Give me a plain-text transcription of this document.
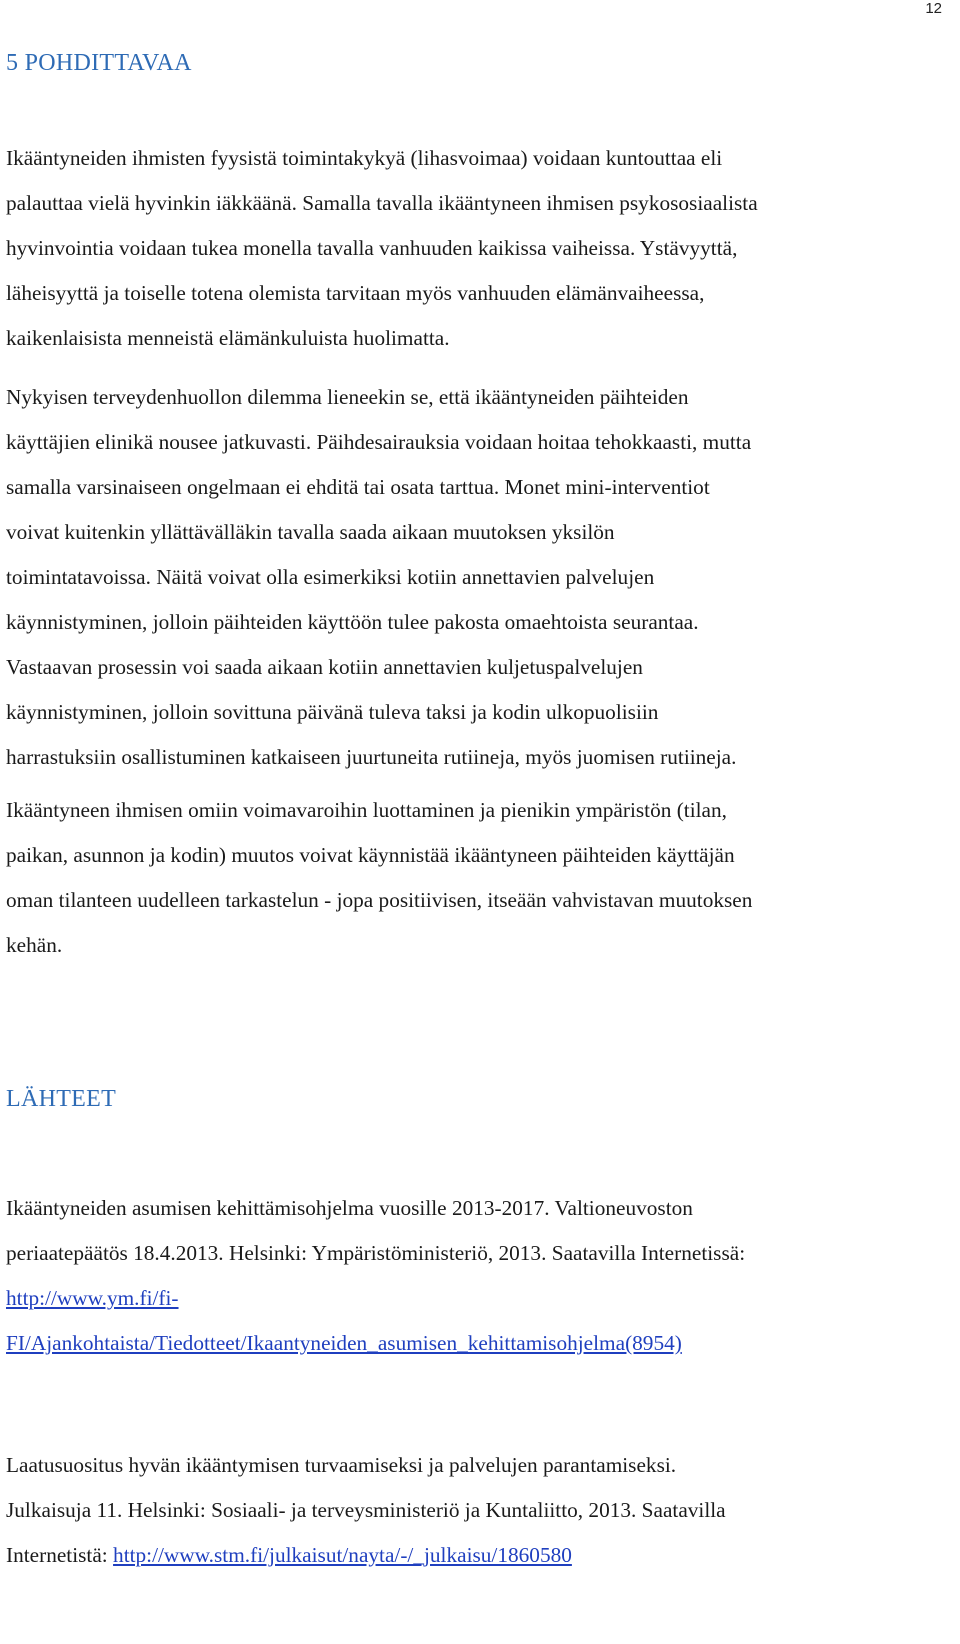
12
5 POHDITTAVAA

Ikääntyneiden ihmisten fyysistä toimintakykyä (lihasvoimaa) voidaan kuntouttaa eli
palauttaa vielä hyvinkin iäkkäänä. Samalla tavalla ikääntyneen ihmisen psykososiaalista
hyvinvointia voidaan tukea monella tavalla vanhuuden kaikissa vaiheissa. Ystävyyttä,
läheisyyttä ja toiselle totena olemista tarvitaan myös vanhuuden elämänvaiheessa,
kaikenlaisista menneistä elämänkuluista huolimatta.

Nykyisen terveydenhuollon dilemma lieneekin se, että ikääntyneiden päihteiden
käyttäjien elinikä nousee jatkuvasti. Päihdesairauksia voidaan hoitaa tehokkaasti, mutta
samalla varsinaiseen ongelmaan ei ehditä tai osata tarttua. Monet mini-interventiot
voivat kuitenkin yllättävälläkin tavalla saada aikaan muutoksen yksilön
toimintatavoissa. Näitä voivat olla esimerkiksi kotiin annettavien palvelujen
käynnistyminen, jolloin päihteiden käyttöön tulee pakosta omaehtoista seurantaa.
Vastaavan prosessin voi saada aikaan kotiin annettavien kuljetuspalvelujen
käynnistyminen, jolloin sovittuna päivänä tuleva taksi ja kodin ulkopuolisiin
harrastuksiin osallistuminen katkaiseen juurtuneita rutiineja, myös juomisen rutiineja.

Ikääntyneen ihmisen omiin voimavaroihin luottaminen ja pienikin ympäristön (tilan,
paikan, asunnon ja kodin) muutos voivat käynnistää ikääntyneen päihteiden käyttäjän
oman tilanteen uudelleen tarkastelun - jopa positiivisen, itseään vahvistavan muutoksen
kehän.

LÄHTEET

Ikääntyneiden asumisen kehittämisohjelma vuosille 2013-2017. Valtioneuvoston
periaatepäätös 18.4.2013. Helsinki: Ympäristöministeriö, 2013. Saatavilla Internetissä:
http://www.ym.fi/fi-
FI/Ajankohtaista/Tiedotteet/Ikaantyneiden_asumisen_kehittamisohjelma(8954)

Laatusuositus hyvän ikääntymisen turvaamiseksi ja palvelujen parantamiseksi.
Julkaisuja 11. Helsinki: Sosiaali- ja terveysministeriö ja Kuntaliitto, 2013. Saatavilla
Internetistä: http://www.stm.fi/julkaisut/nayta/-/_julkaisu/1860580
